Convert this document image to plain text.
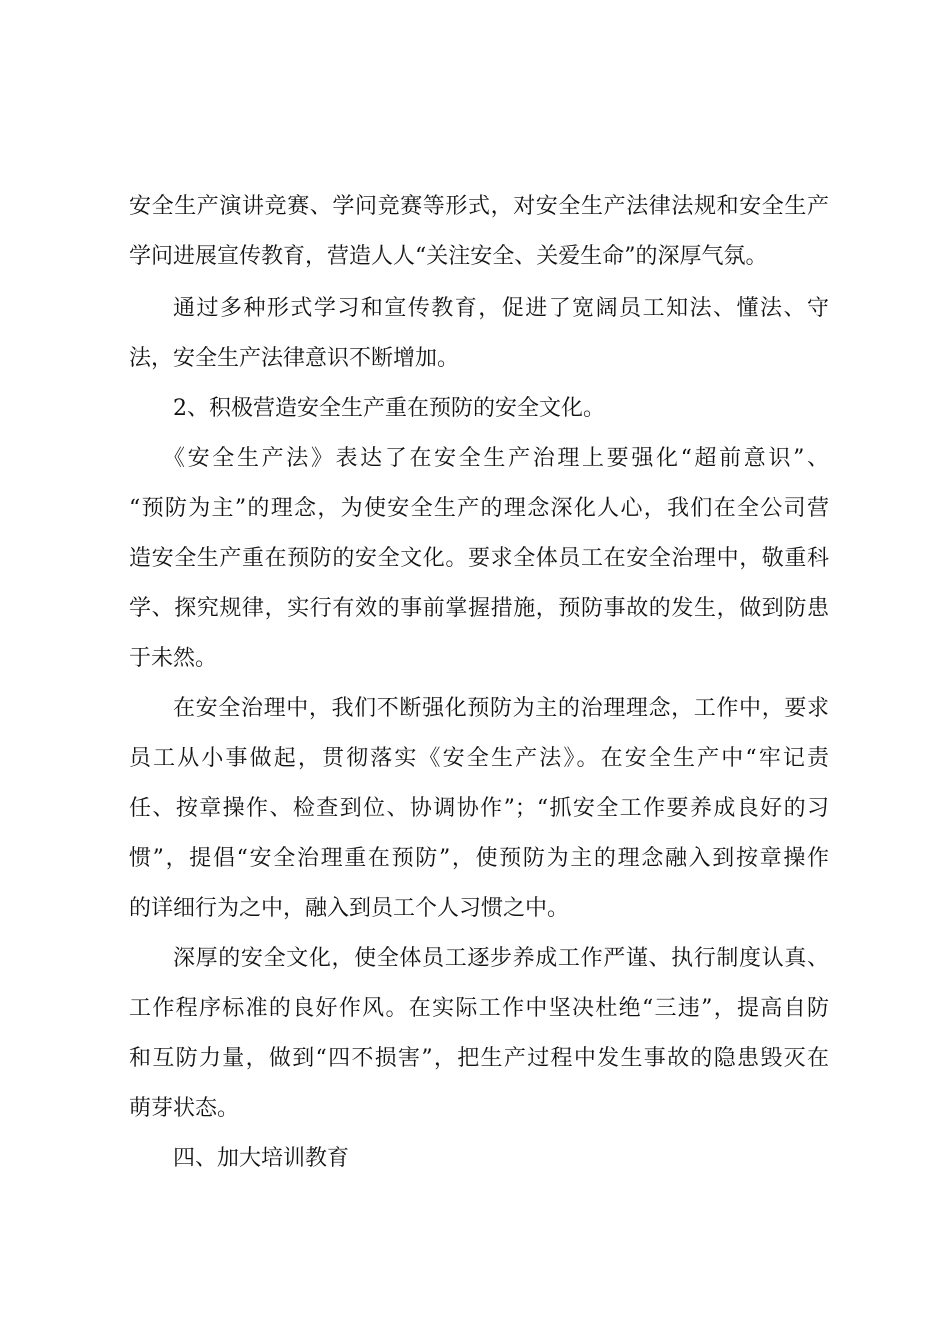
安全生产演讲竞赛、学问竞赛等形式，对安全生产法律法规和安全生产
学问进展宣传教育，营造人人“关注安全、关爱生命”的深厚气氛。
通过多种形式学习和宣传教育，促进了宽阔员工知法、懂法、守
法，安全生产法律意识不断增加。
2、积极营造安全生产重在预防的安全文化。
《安全生产法》表达了在安全生产治理上要强化“超前意识”、
“预防为主”的理念，为使安全生产的理念深化人心，我们在全公司营
造安全生产重在预防的安全文化。要求全体员工在安全治理中，敬重科
学、探究规律，实行有效的事前掌握措施，预防事故的发生，做到防患
于未然。
在安全治理中，我们不断强化预防为主的治理理念，工作中，要求
员工从小事做起，贯彻落实《安全生产法》。在安全生产中“牢记责
任、按章操作、检查到位、协调协作”；“抓安全工作要养成良好的习
惯”，提倡“安全治理重在预防”，使预防为主的理念融入到按章操作
的详细行为之中，融入到员工个人习惯之中。
深厚的安全文化，使全体员工逐步养成工作严谨、执行制度认真、
工作程序标准的良好作风。在实际工作中坚决杜绝“三违”，提高自防
和互防力量，做到“四不损害”，把生产过程中发生事故的隐患毁灭在
萌芽状态。
四、加大培训教育
